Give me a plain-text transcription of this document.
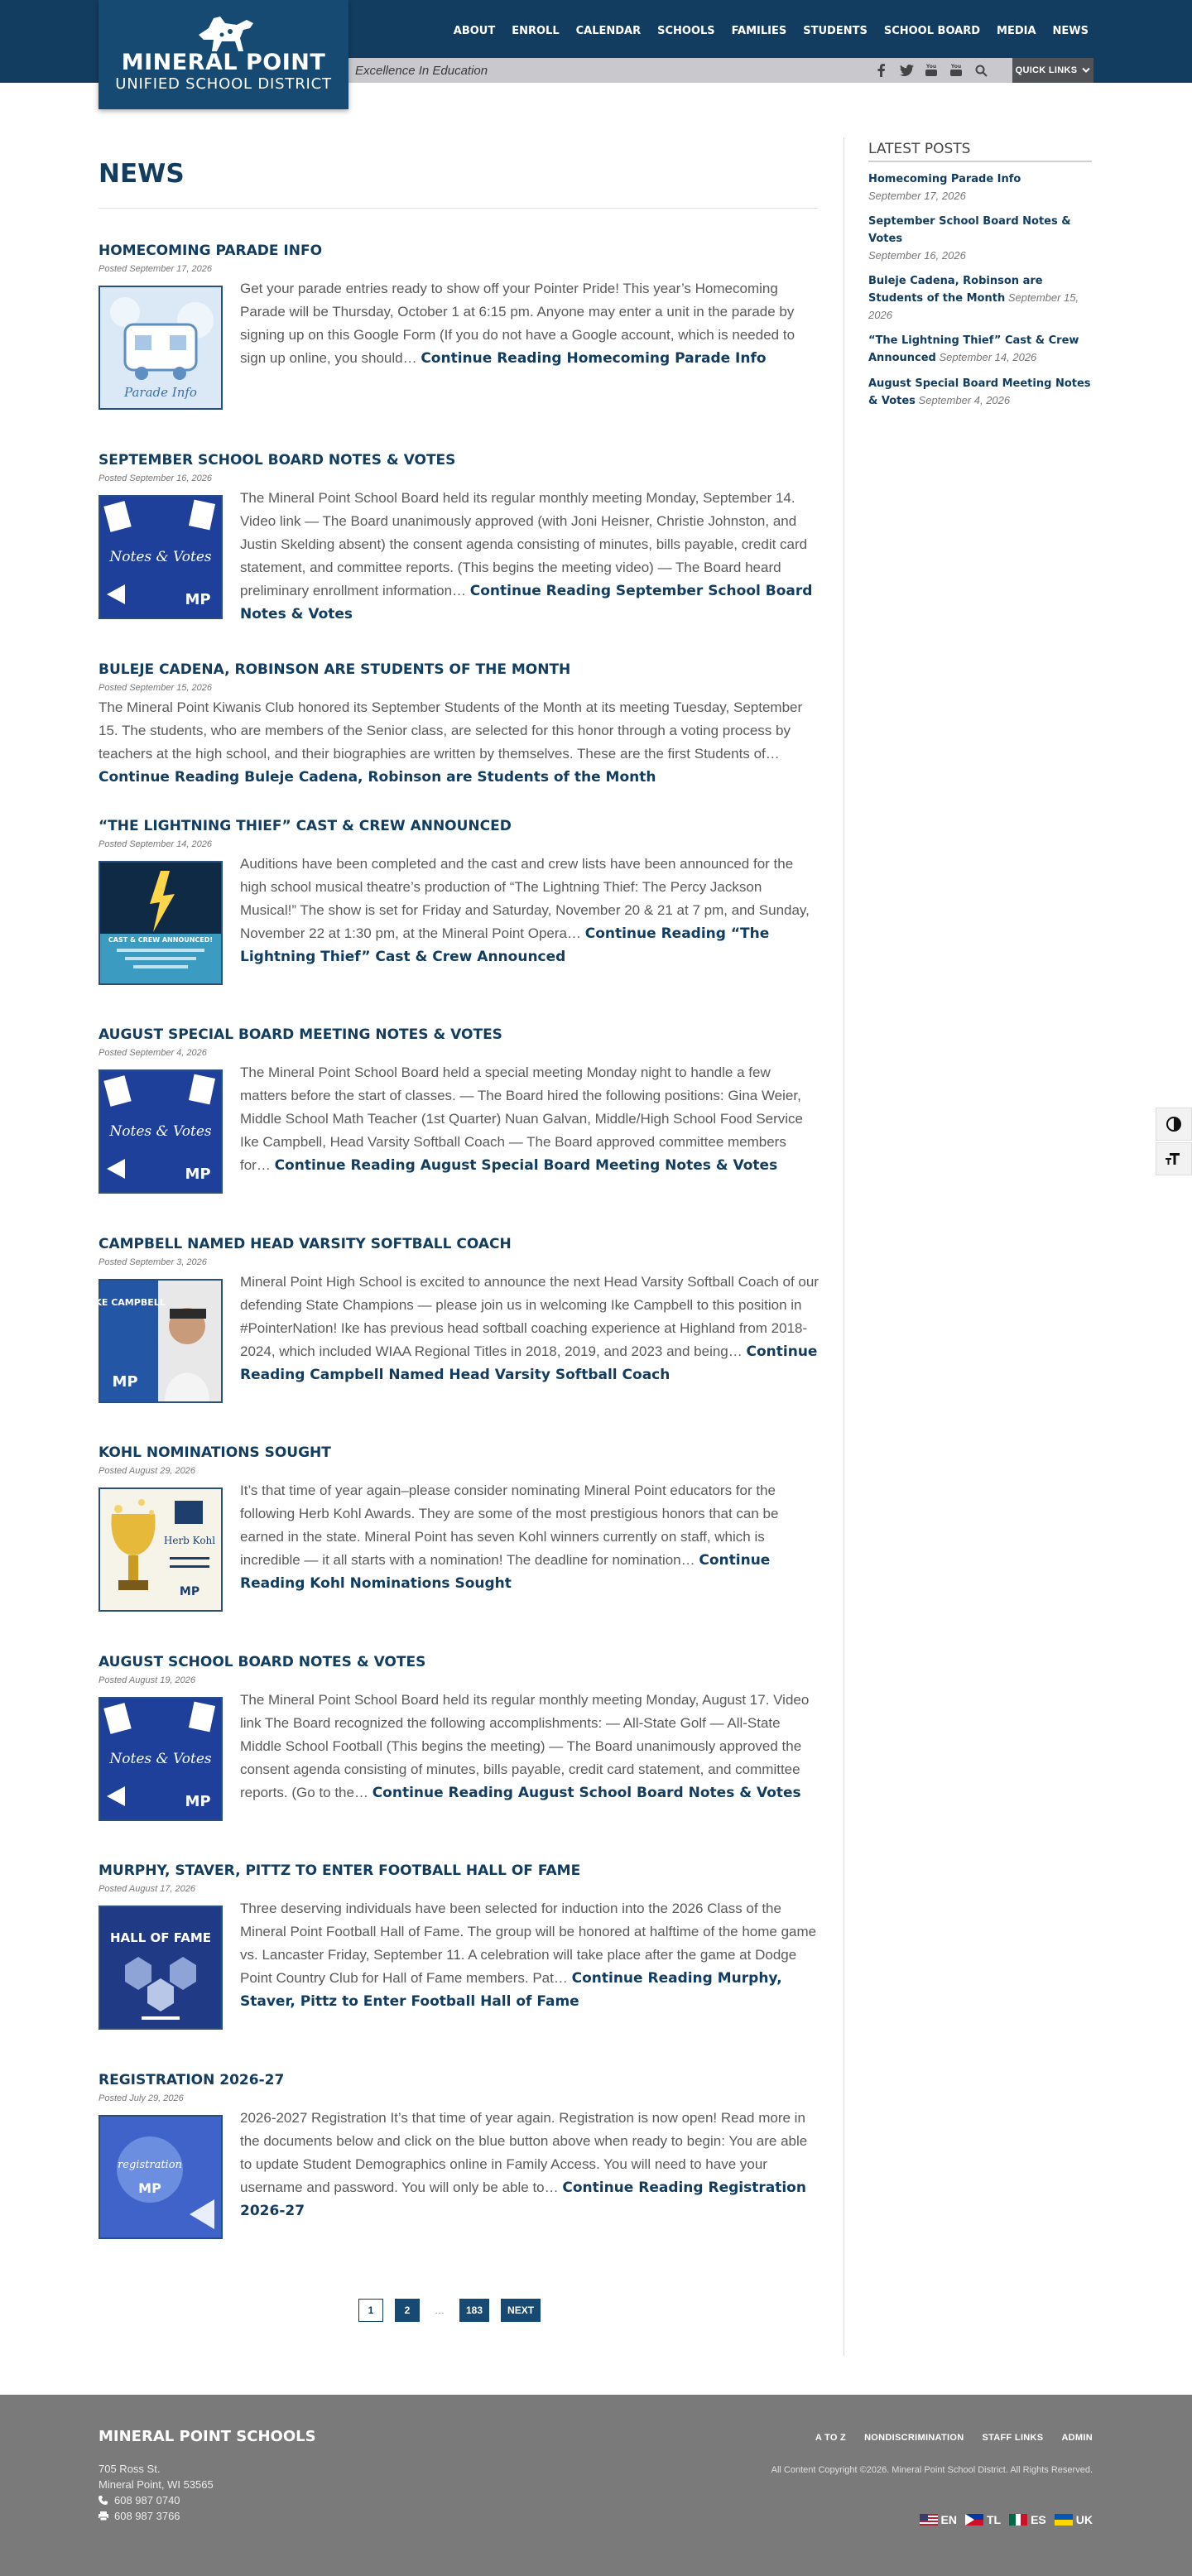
MINERAL POINT
UNIFIED SCHOOL DISTRICT
ABOUT ENROLL CALENDAR SCHOOLS FAMILIES STUDENTS SCHOOL BOARD MEDIA NEWS
Excellence In Education	You	You	QUICK LINKS
NEWS
HOMECOMING PARADE INFO
Posted September 17, 2026
Parade Info

Get your parade entries ready to show off your Pointer Pride! This year’s Homecoming Parade will be Thursday, October 1 at 6:15 pm. Anyone may enter a unit in the parade by signing up on this Google Form (If you do not have a Google account, which is needed to sign up online, you should… Continue Reading Homecoming Parade Info

SEPTEMBER SCHOOL BOARD NOTES & VOTES
Posted September 16, 2026
MP
Notes & Votes

The Mineral Point School Board held its regular monthly meeting Monday, September 14. Video link — The Board unanimously approved (with Joni Heisner, Christie Johnston, and Justin Skelding absent) the consent agenda consisting of minutes, bills payable, credit card statement, and committee reports. (This begins the meeting video) — The Board heard preliminary enrollment information… Continue Reading September School Board Notes & Votes

BULEJE CADENA, ROBINSON ARE STUDENTS OF THE MONTH
Posted September 15, 2026

The Mineral Point Kiwanis Club honored its September Students of the Month at its meeting Tuesday, September 15. The students, who are members of the Senior class, are selected for this honor through a voting process by teachers at the high school, and their biographies are written by themselves. These are the first Students of… Continue Reading Buleje Cadena, Robinson are Students of the Month

“THE LIGHTNING THIEF” CAST & CREW ANNOUNCED
Posted September 14, 2026
CAST & CREW ANNOUNCED!

Auditions have been completed and the cast and crew lists have been announced for the high school musical theatre’s production of “The Lightning Thief: The Percy Jackson Musical!” The show is set for Friday and Saturday, November 20 & 21 at 7 pm, and Sunday, November 22 at 1:30 pm, at the Mineral Point Opera… Continue Reading “The Lightning Thief” Cast & Crew Announced

AUGUST SPECIAL BOARD MEETING NOTES & VOTES
Posted September 4, 2026
MP
Notes & Votes

The Mineral Point School Board held a special meeting Monday night to handle a few matters before the start of classes. — The Board hired the following positions: Gina Weier, Middle School Math Teacher (1st Quarter) Nuan Galvan, Middle/High School Food Service Ike Campbell, Head Varsity Softball Coach — The Board approved committee members for… Continue Reading August Special Board Meeting Notes & Votes

CAMPBELL NAMED HEAD VARSITY SOFTBALL COACH
Posted September 3, 2026
IKE CAMPBELL
MP

Mineral Point High School is excited to announce the next Head Varsity Softball Coach of our defending State Champions — please join us in welcoming Ike Campbell to this position in #PointerNation! Ike has previous head softball coaching experience at Highland from 2018-2024, which included WIAA Regional Titles in 2018, 2019, and 2023 and being… Continue Reading Campbell Named Head Varsity Softball Coach

KOHL NOMINATIONS SOUGHT
Posted August 29, 2026
Herb Kohl
MP

It’s that time of year again–please consider nominating Mineral Point educators for the following Herb Kohl Awards. They are some of the most prestigious honors that can be earned in the state. Mineral Point has seven Kohl winners currently on staff, which is incredible — it all starts with a nomination! The deadline for nomination… Continue Reading Kohl Nominations Sought

AUGUST SCHOOL BOARD NOTES & VOTES
Posted August 19, 2026
MP
Notes & Votes

The Mineral Point School Board held its regular monthly meeting Monday, August 17. Video link The Board recognized the following accomplishments: — All-State Golf — All-State Middle School Football (This begins the meeting) — The Board unanimously approved the consent agenda consisting of minutes, bills payable, credit card statement, and committee reports. (Go to the… Continue Reading August School Board Notes & Votes

MURPHY, STAVER, PITTZ TO ENTER FOOTBALL HALL OF FAME
Posted August 17, 2026
HALL OF FAME

Three deserving individuals have been selected for induction into the 2026 Class of the Mineral Point Football Hall of Fame. The group will be honored at halftime of the home game vs. Lancaster Friday, September 11. A celebration will take place after the game at Dodge Point Country Club for Hall of Fame members. Pat… Continue Reading Murphy, Staver, Pittz to Enter Football Hall of Fame

REGISTRATION 2026-27
Posted July 29, 2026
registration
MP

2026-2027 Registration It’s that time of year again. Registration is now open! Read more in the documents below and click on the blue button above when ready to begin: You are able to update Student Demographics online in Family Access. You will need to have your username and password. You will only be able to… Continue Reading Registration 2026-27

1	2	…	183	NEXT
LATEST POSTS
Homecoming Parade Info
September 17, 2026
September School Board Notes & Votes
September 16, 2026
Buleje Cadena, Robinson are Students of the Month September 15, 2026
“The Lightning Thief” Cast & Crew Announced September 14, 2026
August Special Board Meeting Notes & Votes September 4, 2026
MINERAL POINT SCHOOLS
705 Ross St.
Mineral Point, WI 53565
608 987 0740
608 987 3766
A TO Z NONDISCRIMINATION STAFF LINKS ADMIN
All Content Copyright ©2026. Mineral Point School District. All Rights Reserved.
EN	TL	ES	UK
